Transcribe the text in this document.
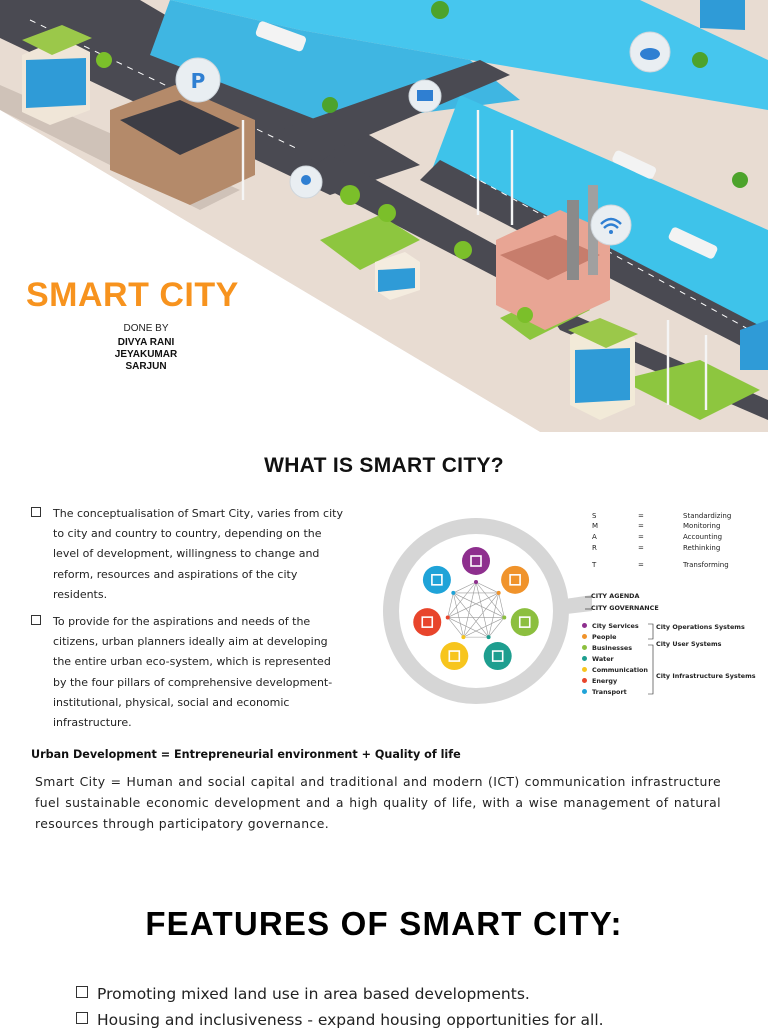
P
SMART CITY
DONE BY
DIVYA RANI
JEYAKUMAR
SARJUN
WHAT IS SMART CITY?
The conceptualisation of Smart City, varies from city
to city and country to country, depending on the
level of development, willingness to change and
reform, resources and aspirations of the city
residents.
To provide for the aspirations and needs of the
citizens, urban planners ideally aim at developing
the entire urban eco-system, which is represented
by the four pillars of comprehensive development-
institutional, physical, social and economic
infrastructure.
S	=	Standardizing
M	=	Monitoring
A	=	Accounting
R	=	Rethinking
T	=	Transforming
CITY AGENDA
CITY GOVERNANCE
City Services
People
Businesses
Water
Communication
Energy
Transport
City Operations Systems
City User Systems
City Infrastructure Systems
Urban Development = Entrepreneurial environment + Quality of life
Smart City = Human and social capital and traditional and modern (ICT) communication infrastructure fuel sustainable economic development and a high quality of life, with a wise management of natural resources through participatory governance.
FEATURES OF SMART CITY:
Promoting mixed land use in area based developments.
Housing and inclusiveness - expand housing opportunities for all.
